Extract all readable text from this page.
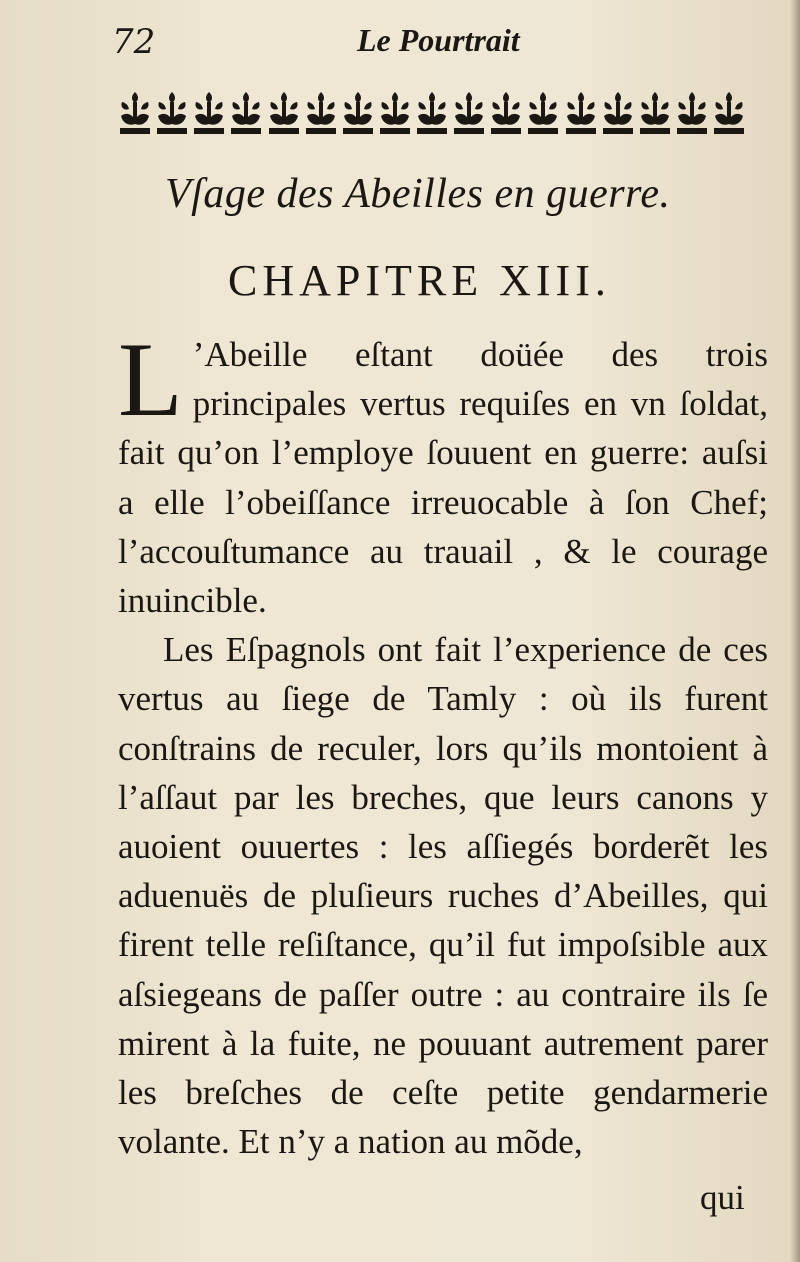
72	Le Pourtrait
Vſage des Abeilles en guerre.
CHAPITRE XIII.

L ’Abeille eſtant doüée des trois principales vertus requiſes en vn ſoldat, fait qu’on l’employe ſouuent en guerre: auſsi a elle l’obeiſſance irreuocable à ſon Chef; l’accouſtumance au trauail , & le courage inuincible.

Les Eſpagnols ont fait l’experience de ces vertus au ſiege de Tamly : où ils furent conſtrains de reculer, lors qu’ils montoient à l’aſſaut par les breches, que leurs canons y auoient ouuertes : les aſſiegés borderẽt les aduenuës de pluſieurs ruches d’Abeilles, qui firent telle reſiſtance, qu’il fut impoſsible aux aſsiegeans de paſſer outre : au contraire ils ſe mirent à la fuite, ne pouuant autrement parer les breſches de ceſte petite gendarmerie volante. Et n’y a nation au mõde,

qui
